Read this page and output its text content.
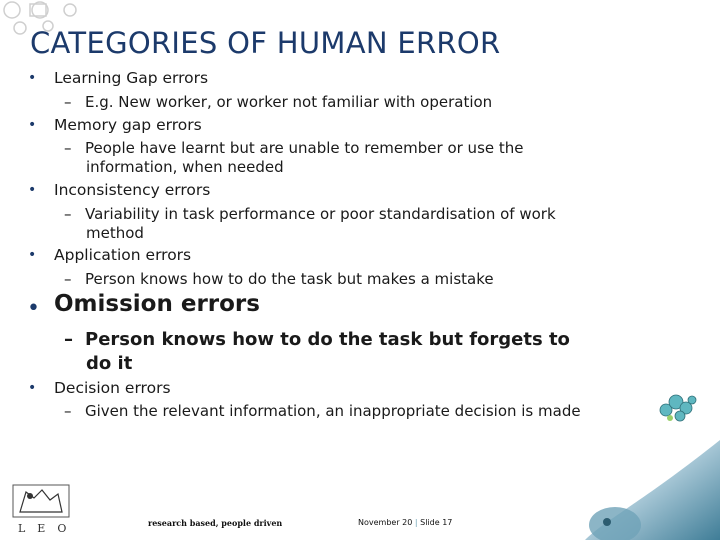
CATEGORIES OF HUMAN ERROR
• Learning Gap errors
– E.g. New worker, or worker not familiar with operation
• Memory gap errors
– People have learnt but are unable to remember or use the
information, when needed
• Inconsistency errors
– Variability in task performance or poor standardisation of work
method
• Application errors
– Person knows how to do the task but makes a mistake
• Omission errors
– Person knows how to do the task but forgets to
do it
• Decision errors
– Given the relevant information, an inappropriate decision is made
LEO	research based, people driven	November 20 | Slide 17
